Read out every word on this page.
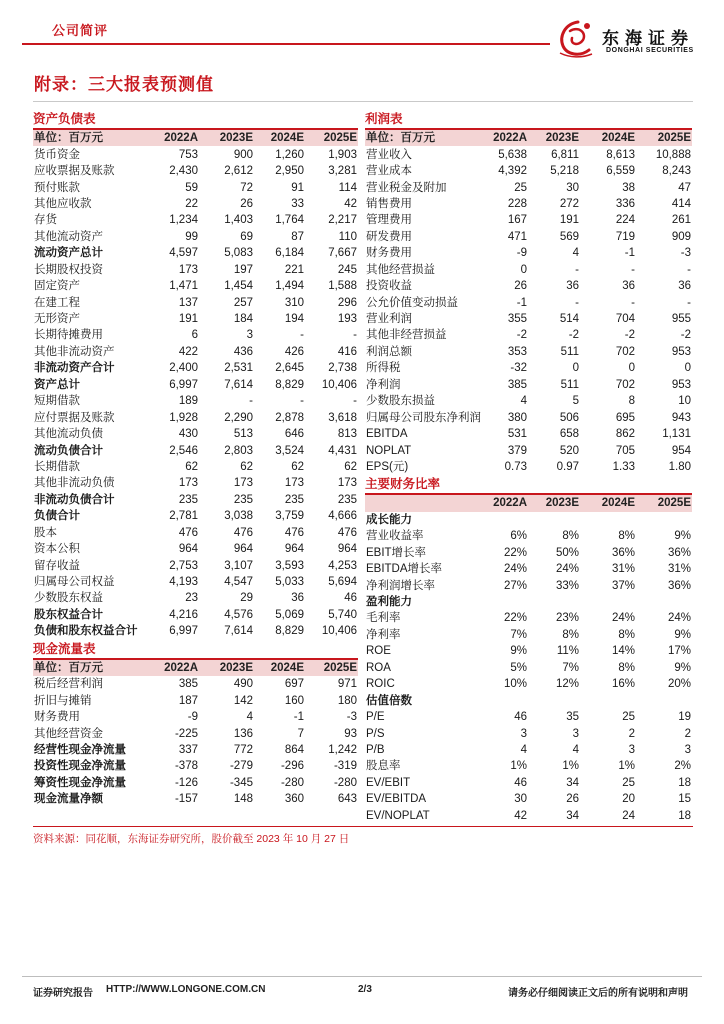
公司简评	东海证券
DONGHAI SECURITIES
附录：三大报表预测值
资产负债表
单位：百万元	2022A	2023E	2024E	2025E
货币资金	753	900	1,260	1,903
应收票据及账款	2,430	2,612	2,950	3,281
预付账款	59	72	91	114
其他应收款	22	26	33	42
存货	1,234	1,403	1,764	2,217
其他流动资产	99	69	87	110
流动资产总计	4,597	5,083	6,184	7,667
长期股权投资	173	197	221	245
固定资产	1,471	1,454	1,494	1,588
在建工程	137	257	310	296
无形资产	191	184	194	193
长期待摊费用	6	3	-	-
其他非流动资产	422	436	426	416
非流动资产合计	2,400	2,531	2,645	2,738
资产总计	6,997	7,614	8,829	10,406
短期借款	189	-	-	-
应付票据及账款	1,928	2,290	2,878	3,618
其他流动负债	430	513	646	813
流动负债合计	2,546	2,803	3,524	4,431
长期借款	62	62	62	62
其他非流动负债	173	173	173	173
非流动负债合计	235	235	235	235
负债合计	2,781	3,038	3,759	4,666
股本	476	476	476	476
资本公积	964	964	964	964
留存收益	2,753	3,107	3,593	4,253
归属母公司权益	4,193	4,547	5,033	5,694
少数股东权益	23	29	36	46
股东权益合计	4,216	4,576	5,069	5,740
负债和股东权益合计	6,997	7,614	8,829	10,406
现金流量表
单位：百万元	2022A	2023E	2024E	2025E
税后经营利润	385	490	697	971
折旧与摊销	187	142	160	180
财务费用	-9	4	-1	-3
其他经营资金	-225	136	7	93
经营性现金净流量	337	772	864	1,242
投资性现金净流量	-378	-279	-296	-319
筹资性现金净流量	-126	-345	-280	-280
现金流量净额	-157	148	360	643
利润表
单位：百万元	2022A	2023E	2024E	2025E
营业收入	5,638	6,811	8,613	10,888
营业成本	4,392	5,218	6,559	8,243
营业税金及附加	25	30	38	47
销售费用	228	272	336	414
管理费用	167	191	224	261
研发费用	471	569	719	909
财务费用	-9	4	-1	-3
其他经营损益	0	-	-	-
投资收益	26	36	36	36
公允价值变动损益	-1	-	-	-
营业利润	355	514	704	955
其他非经营损益	-2	-2	-2	-2
利润总额	353	511	702	953
所得税	-32	0	0	0
净利润	385	511	702	953
少数股东损益	4	5	8	10
归属母公司股东净利润	380	506	695	943
EBITDA	531	658	862	1,131
NOPLAT	379	520	705	954
EPS(元)	0.73	0.97	1.33	1.80
主要财务比率
	2022A	2023E	2024E	2025E
成长能力				
营业收益率	6%	8%	8%	9%
EBIT增长率	22%	50%	36%	36%
EBITDA增长率	24%	24%	31%	31%
净利润增长率	27%	33%	37%	36%
盈利能力				
毛利率	22%	23%	24%	24%
净利率	7%	8%	8%	9%
ROE	9%	11%	14%	17%
ROA	5%	7%	8%	9%
ROIC	10%	12%	16%	20%
估值倍数				
P/E	46	35	25	19
P/S	3	3	2	2
P/B	4	4	3	3
股息率	1%	1%	1%	2%
EV/EBIT	46	34	25	18
EV/EBITDA	30	26	20	15
EV/NOPLAT	42	34	24	18
资料来源：同花顺，东海证券研究所，股价截至 2023 年 10 月 27 日
证券研究报告 HTTP://WWW.LONGONE.COM.CN	2/3	请务必仔细阅读正文后的所有说明和声明
